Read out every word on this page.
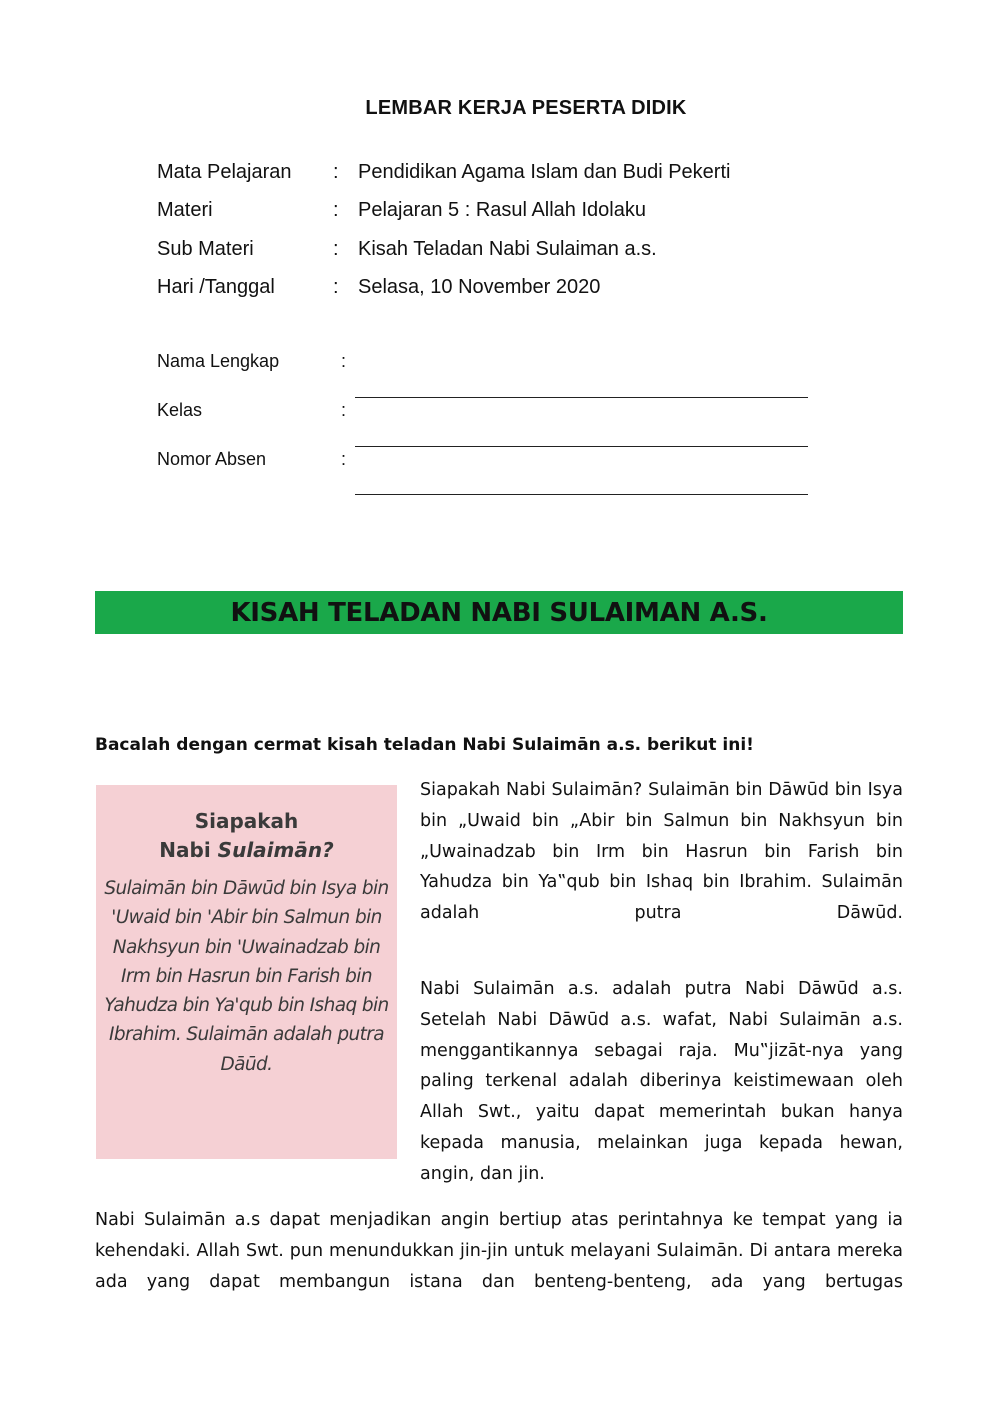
LEMBAR KERJA PESERTA DIDIK
Mata Pelajaran : Pendidikan Agama Islam dan Budi Pekerti
Materi	: Pelajaran 5 : Rasul Allah Idolaku
Sub Materi	: Kisah Teladan Nabi Sulaiman a.s.
Hari /Tanggal	: Selasa, 10 November 2020
Nama Lengkap	:
Kelas	:
Nomor Absen	:
KISAH TELADAN NABI SULAIMAN A.S.
Bacalah dengan cermat kisah teladan Nabi Sulaimān a.s. berikut ini!
Siapakah
Nabi Sulaimān?
Sulaimān bin Dāwūd bin Isya bin 'Uwaid bin 'Abir bin Salmun bin Nakhsyun bin 'Uwainadzab bin Irm bin Hasrun bin Farish bin Yahudza bin Ya'qub bin Ishaq bin Ibrahim. Sulaimān adalah putra Dāūd.
Siapakah Nabi Sulaimān? Sulaimān bin Dāwūd bin Isya bin „Uwaid bin „Abir bin Salmun bin Nakhsyun bin „Uwainadzab bin Irm bin Hasrun bin Farish bin Yahudza bin Ya‟qub bin Ishaq bin Ibrahim. Sulaimān adalah putra Dāwūd.
Nabi Sulaimān a.s. adalah putra Nabi Dāwūd a.s. Setelah Nabi Dāwūd a.s. wafat, Nabi Sulaimān a.s. menggantikannya sebagai raja. Mu‟jizāt-nya yang paling terkenal adalah diberinya keistimewaan oleh Allah Swt., yaitu dapat memerintah bukan hanya kepada manusia, melainkan juga kepada hewan, angin, dan jin.
Nabi Sulaimān a.s dapat menjadikan angin bertiup atas perintahnya ke tempat yang ia kehendaki. Allah Swt. pun menundukkan jin-jin untuk melayani Sulaimān. Di antara mereka ada yang dapat membangun istana dan benteng-benteng, ada yang bertugas
